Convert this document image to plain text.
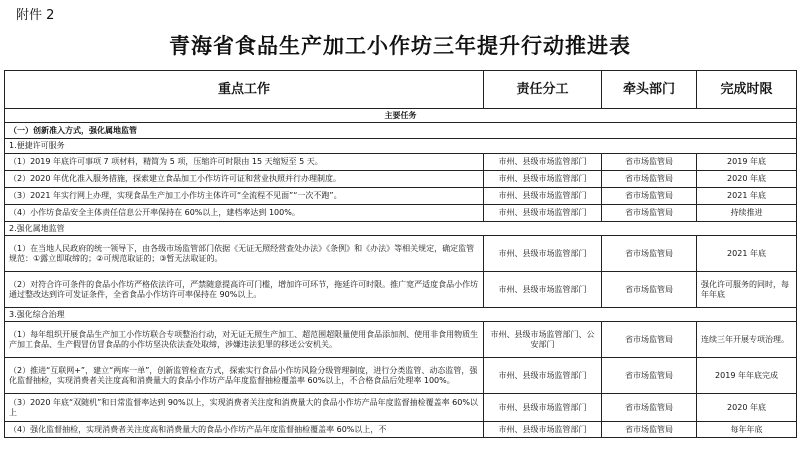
附件 2
青海省食品生产加工小作坊三年提升行动推进表
重点工作	责任分工	牵头部门	完成时限
主要任务			
（一）创新准入方式，强化属地监管			
1.便捷许可服务			
（1）2019 年底许可事项 7 项材料，精简为 5 项，压缩许可时限由 15 天缩短至 5 天。	市州、县级市场监管部门	省市场监管局	2019 年底
（2）2020 年优化准入服务措施，探索建立食品加工小作坊许可证和营业执照并行办理制度。	市州、县级市场监管部门	省市场监管局	2020 年底
（3）2021 年实行网上办理，实现食品生产加工小作坊主体许可“全流程不见面”“一次不跑”。	市州、县级市场监管部门	省市场监管局	2021 年底
（4）小作坊食品安全主体责任信息公开率保持在 60%以上，建档率达到 100%。	市州、县级市场监管部门	省市场监管局	持续推进
2.强化属地监管			
（1）在当地人民政府的统一领导下，由各级市场监管部门依据《无证无照经营查处办法》《条例》和《办法》等相关规定，确定监管规范：①露立即取缔的；②可规范取证的；③暂无法取证的。	市州、县级市场监管部门	省市场监管局	2021 年底
（2）对符合许可条件的食品小作坊严格依法许可，严禁随意提高许可门槛，增加许可环节，拖延许可时限。推广宽严适度食品小作坊通过整改达到许可发证条件，全省食品小作坊许可率保持在 90%以上。	市州、县级市场监管部门	省市场监管局	强化许可服务的同时，每年年底
3.强化综合治理			
（1）每年组织开展食品生产加工小作坊联合专项整治行动，对无证无照生产加工、超范围超限量使用食品添加剂、使用非食用物质生产加工食品、生产假冒仿冒食品的小作坊坚决依法查处取缔，涉嫌违法犯罪的移送公安机关。	市州、县级市场监管部门、公安部门	省市场监管局	连续三年开展专项治理。
（2）推进“互联网+”，建立“两库一单”，创新监管检查方式，探索实行食品小作坊风险分级管理制度，进行分类监管、动态监管，强化监督抽检，实现消费者关注度高和消费量大的食品小作坊产品年度监督抽检覆盖率 60%以上，不合格食品后处理率 100%。	市州、县级市场监管部门	省市场监管局	2019 年年底完成
（3）2020 年底“双随机”和日常监督率达到 90%以上，实现消费者关注度和消费量大的食品小作坊产品年度监督抽检覆盖率 60%以上	市州、县级市场监管部门	省市场监管局	2020 年底
（4）强化监督抽检，实现消费者关注度高和消费量大的食品小作坊产品年度监督抽检覆盖率 60%以上，不	市州、县级市场监管部门	省市场监管局	每年年底
